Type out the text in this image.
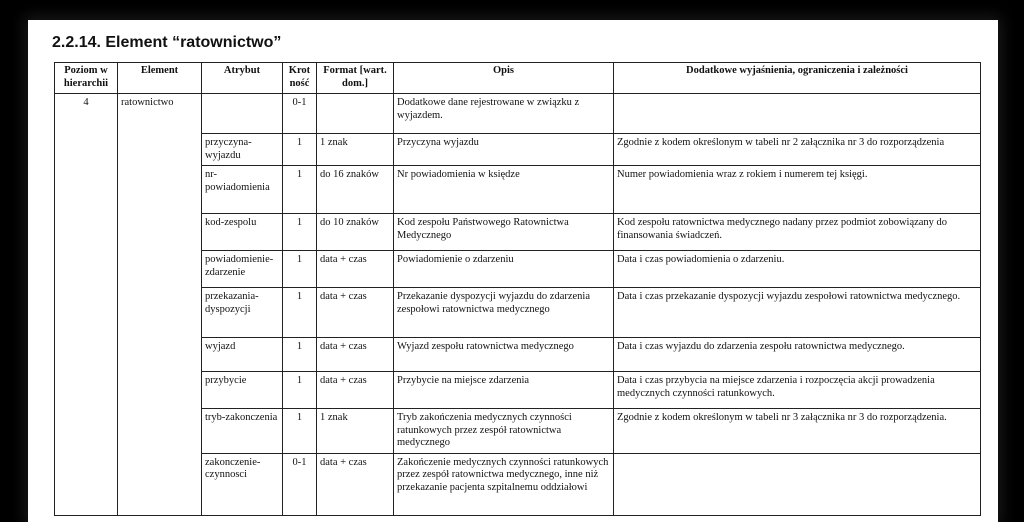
2.2.14. Element “ratownictwo”
Poziom w hierarchii	Element	Atrybut	Krot ność	Format [wart. dom.]	Opis	Dodatkowe wyjaśnienia, ograniczenia i zależności
4	ratownictwo		0-1		Dodatkowe dane rejestrowane w związku z wyjazdem.	
		przyczyna-wyjazdu	1	1 znak	Przyczyna wyjazdu	Zgodnie z kodem określonym w tabeli nr 2 załącznika nr 3 do rozporządzenia
		nr-powiadomienia	1	do 16 znaków	Nr powiadomienia w księdze	Numer powiadomienia wraz z rokiem i numerem tej księgi.
		kod-zespolu	1	do 10 znaków	Kod zespołu Państwowego Ratownictwa Medycznego	Kod zespołu ratownictwa medycznego nadany przez podmiot zobowiązany do finansowania świadczeń.
		powiadomienie-zdarzenie	1	data + czas	Powiadomienie o zdarzeniu	Data i czas powiadomienia o zdarzeniu.
		przekazania-dyspozycji	1	data + czas	Przekazanie dyspozycji wyjazdu do zdarzenia zespołowi ratownictwa medycznego	Data i czas przekazanie dyspozycji wyjazdu zespołowi ratownictwa medycznego.
		wyjazd	1	data + czas	Wyjazd zespołu ratownictwa medycznego	Data i czas wyjazdu do zdarzenia zespołu ratownictwa medycznego.
		przybycie	1	data + czas	Przybycie na miejsce zdarzenia	Data i czas przybycia na miejsce zdarzenia i rozpoczęcia akcji prowadzenia medycznych czynności ratunkowych.
		tryb-zakonczenia	1	1 znak	Tryb zakończenia medycznych czynności ratunkowych przez zespół ratownictwa medycznego	Zgodnie z kodem określonym w tabeli nr 3 załącznika nr 3 do rozporządzenia.
		zakonczenie-czynnosci	0-1	data + czas	Zakończenie medycznych czynności ratunkowych przez zespół ratownictwa medycznego, inne niż przekazanie pacjenta szpitalnemu oddziałowi	
